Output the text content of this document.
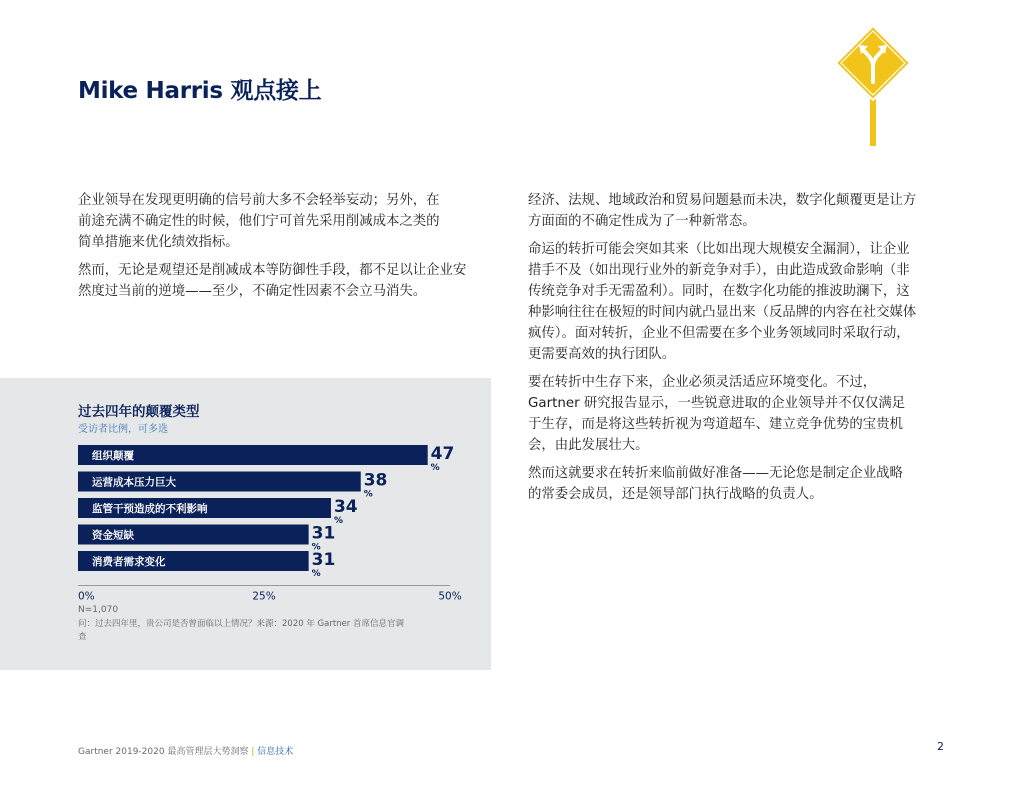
Mike Harris 观点接上

企业领导在发现更明确的信号前大多不会轻举妄动；另外，在
前途充满不确定性的时候，他们宁可首先采用削减成本之类的
简单措施来优化绩效指标。

然而，无论是观望还是削减成本等防御性手段，都不足以让企业安
然度过当前的逆境——至少，不确定性因素不会立马消失。

经济、法规、地域政治和贸易问题悬而未决，数字化颠覆更是让方
方面面的不确定性成为了一种新常态。

命运的转折可能会突如其来（比如出现大规模安全漏洞），让企业
措手不及（如出现行业外的新竞争对手），由此造成致命影响（非
传统竞争对手无需盈利）。同时，在数字化功能的推波助澜下，这
种影响往往在极短的时间内就凸显出来（反品牌的内容在社交媒体
疯传）。面对转折，企业不但需要在多个业务领域同时采取行动，
更需要高效的执行团队。

要在转折中生存下来，企业必须灵活适应环境变化。不过，
Gartner 研究报告显示，一些锐意进取的企业领导并不仅仅满足
于生存，而是将这些转折视为弯道超车、建立竞争优势的宝贵机
会，由此发展壮大。

然而这就要求在转折来临前做好准备——无论您是制定企业战略
的常委会成员，还是领导部门执行战略的负责人。

过去四年的颠覆类型
受访者比例，可多选
组织颠覆	47
%
运营成本压力巨大	38
%
监管干预造成的不利影响	34
%
资金短缺	31
%
消费者需求变化	31
%
0%	25%	50%
N=1,070
问：过去四年里，贵公司是否曾面临以上情况？来源：2020 年 Gartner 首席信息官调查
Gartner 2019-2020 最高管理层大势洞察 | 信息技术	2
